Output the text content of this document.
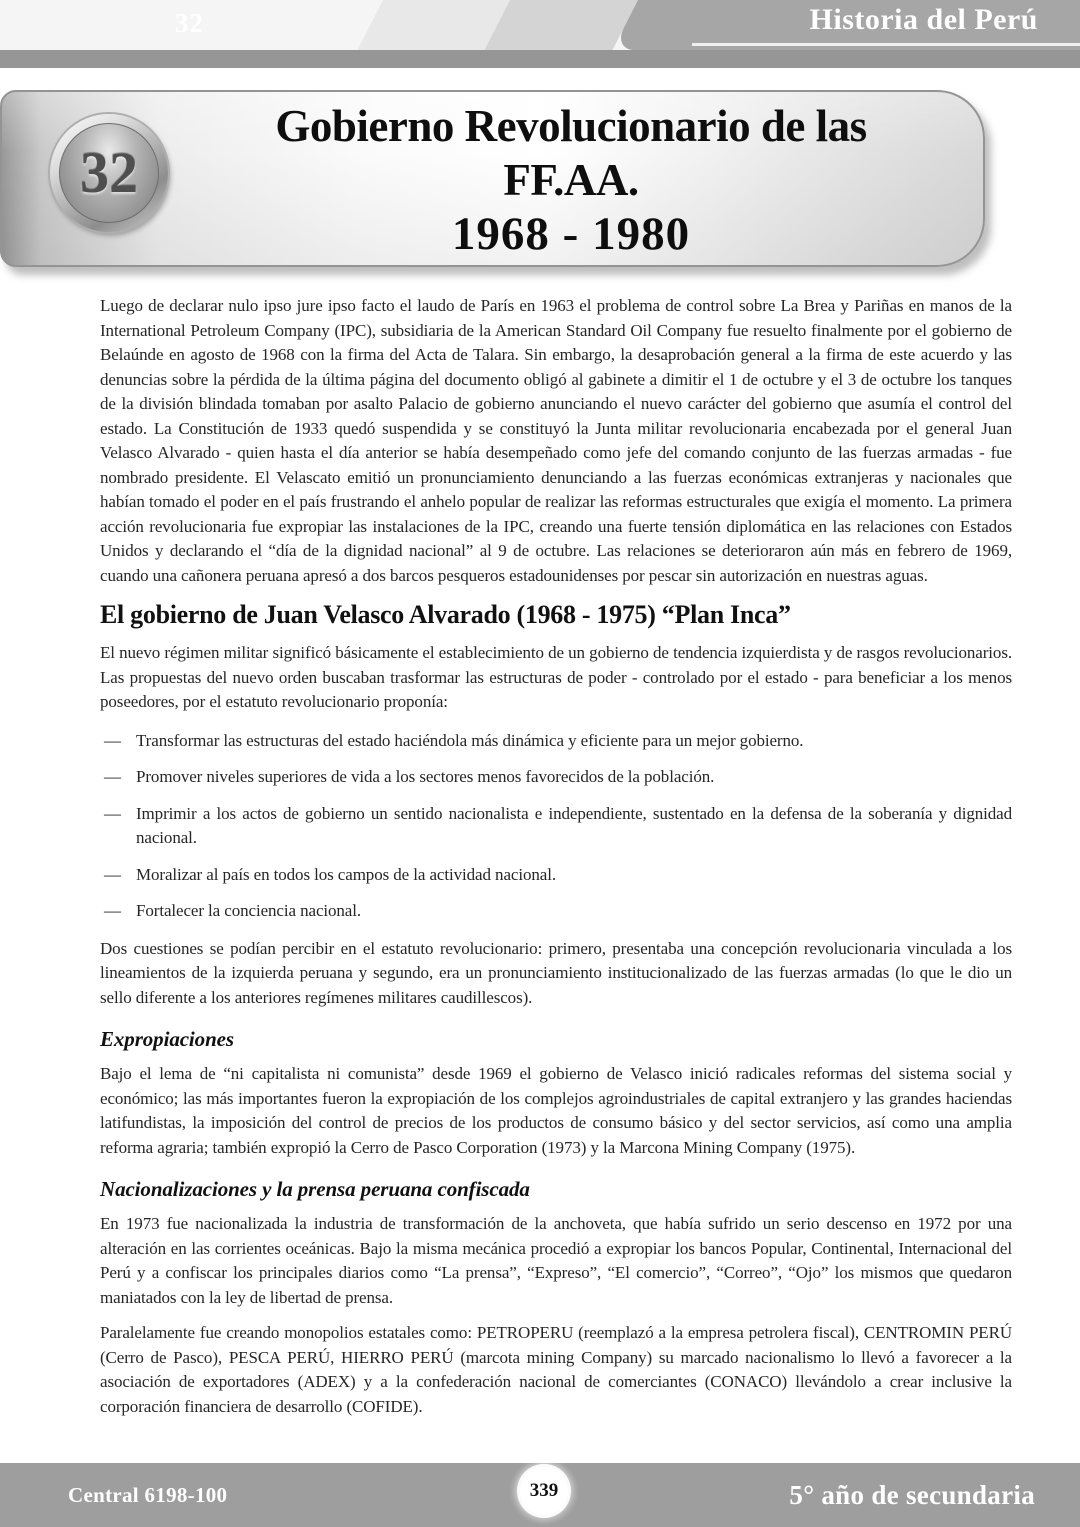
32	Historia del Perú
32
Gobierno Revolucionario de las
FF.AA.
1968 - 1980

Luego de declarar nulo ipso jure ipso facto el laudo de París en 1963 el problema de control sobre La Brea y Pariñas en manos de la International Petroleum Company (IPC), subsidiaria de la American Standard Oil Company fue resuelto finalmente por el gobierno de Belaúnde en agosto de 1968 con la firma del Acta de Talara. Sin embargo, la desaprobación general a la firma de este acuerdo y las denuncias sobre la pérdida de la última página del documento obligó al gabinete a dimitir el 1 de octubre y el 3 de octubre los tanques de la división blindada tomaban por asalto Palacio de gobierno anunciando el nuevo carácter del gobierno que asumía el control del estado. La Constitución de 1933 quedó suspendida y se constituyó la Junta militar revolucionaria encabezada por el general Juan Velasco Alvarado - quien hasta el día anterior se había desempeñado como jefe del comando conjunto de las fuerzas armadas - fue nombrado presidente. El Velascato emitió un pronunciamiento denunciando a las fuerzas económicas extranjeras y nacionales que habían tomado el poder en el país frustrando el anhelo popular de realizar las reformas estructurales que exigía el momento. La primera acción revolucionaria fue expropiar las instalaciones de la IPC, creando una fuerte tensión diplomática en las relaciones con Estados Unidos y declarando el “día de la dignidad nacional” al 9 de octubre. Las relaciones se deterioraron aún más en febrero de 1969, cuando una cañonera peruana apresó a dos barcos pesqueros estadounidenses por pescar sin autorización en nuestras aguas.

El gobierno de Juan Velasco Alvarado (1968 - 1975) “Plan Inca”

El nuevo régimen militar significó básicamente el establecimiento de un gobierno de tendencia izquierdista y de rasgos revolucionarios. Las propuestas del nuevo orden buscaban trasformar las estructuras de poder - controlado por el estado - para beneficiar a los menos poseedores, por el estatuto revolucionario proponía:

— Transformar las estructuras del estado haciéndola más dinámica y eficiente para un mejor gobierno.
— Promover niveles superiores de vida a los sectores menos favorecidos de la población.
— Imprimir a los actos de gobierno un sentido nacionalista e independiente, sustentado en la defensa de la soberanía y dignidad nacional.
— Moralizar al país en todos los campos de la actividad nacional.
— Fortalecer la conciencia nacional.

Dos cuestiones se podían percibir en el estatuto revolucionario: primero, presentaba una concepción revolucionaria vinculada a los lineamientos de la izquierda peruana y segundo, era un pronunciamiento institucionalizado de las fuerzas armadas (lo que le dio un sello diferente a los anteriores regímenes militares caudillescos).

Expropiaciones

Bajo el lema de “ni capitalista ni comunista” desde 1969 el gobierno de Velasco inició radicales reformas del sistema social y económico; las más importantes fueron la expropiación de los complejos agroindustriales de capital extranjero y las grandes haciendas latifundistas, la imposición del control de precios de los productos de consumo básico y del sector servicios, así como una amplia reforma agraria; también expropió la Cerro de Pasco Corporation (1973) y la Marcona Mining Company (1975).

Nacionalizaciones y la prensa peruana confiscada

En 1973 fue nacionalizada la industria de transformación de la anchoveta, que había sufrido un serio descenso en 1972 por una alteración en las corrientes oceánicas. Bajo la misma mecánica procedió a expropiar los bancos Popular, Continental, Internacional del Perú y a confiscar los principales diarios como “La prensa”, “Expreso”, “El comercio”, “Correo”, “Ojo” los mismos que quedaron maniatados con la ley de libertad de prensa.

Paralelamente fue creando monopolios estatales como: PETROPERU (reemplazó a la empresa petrolera fiscal), CENTROMIN PERÚ (Cerro de Pasco), PESCA PERÚ, HIERRO PERÚ (marcota mining Company) su marcado nacionalismo lo llevó a favorecer a la asociación de exportadores (ADEX) y a la confederación nacional de comerciantes (CONACO) llevándolo a crear inclusive la corporación financiera de desarrollo (COFIDE).

Central 6198-100	339	5° año de secundaria
